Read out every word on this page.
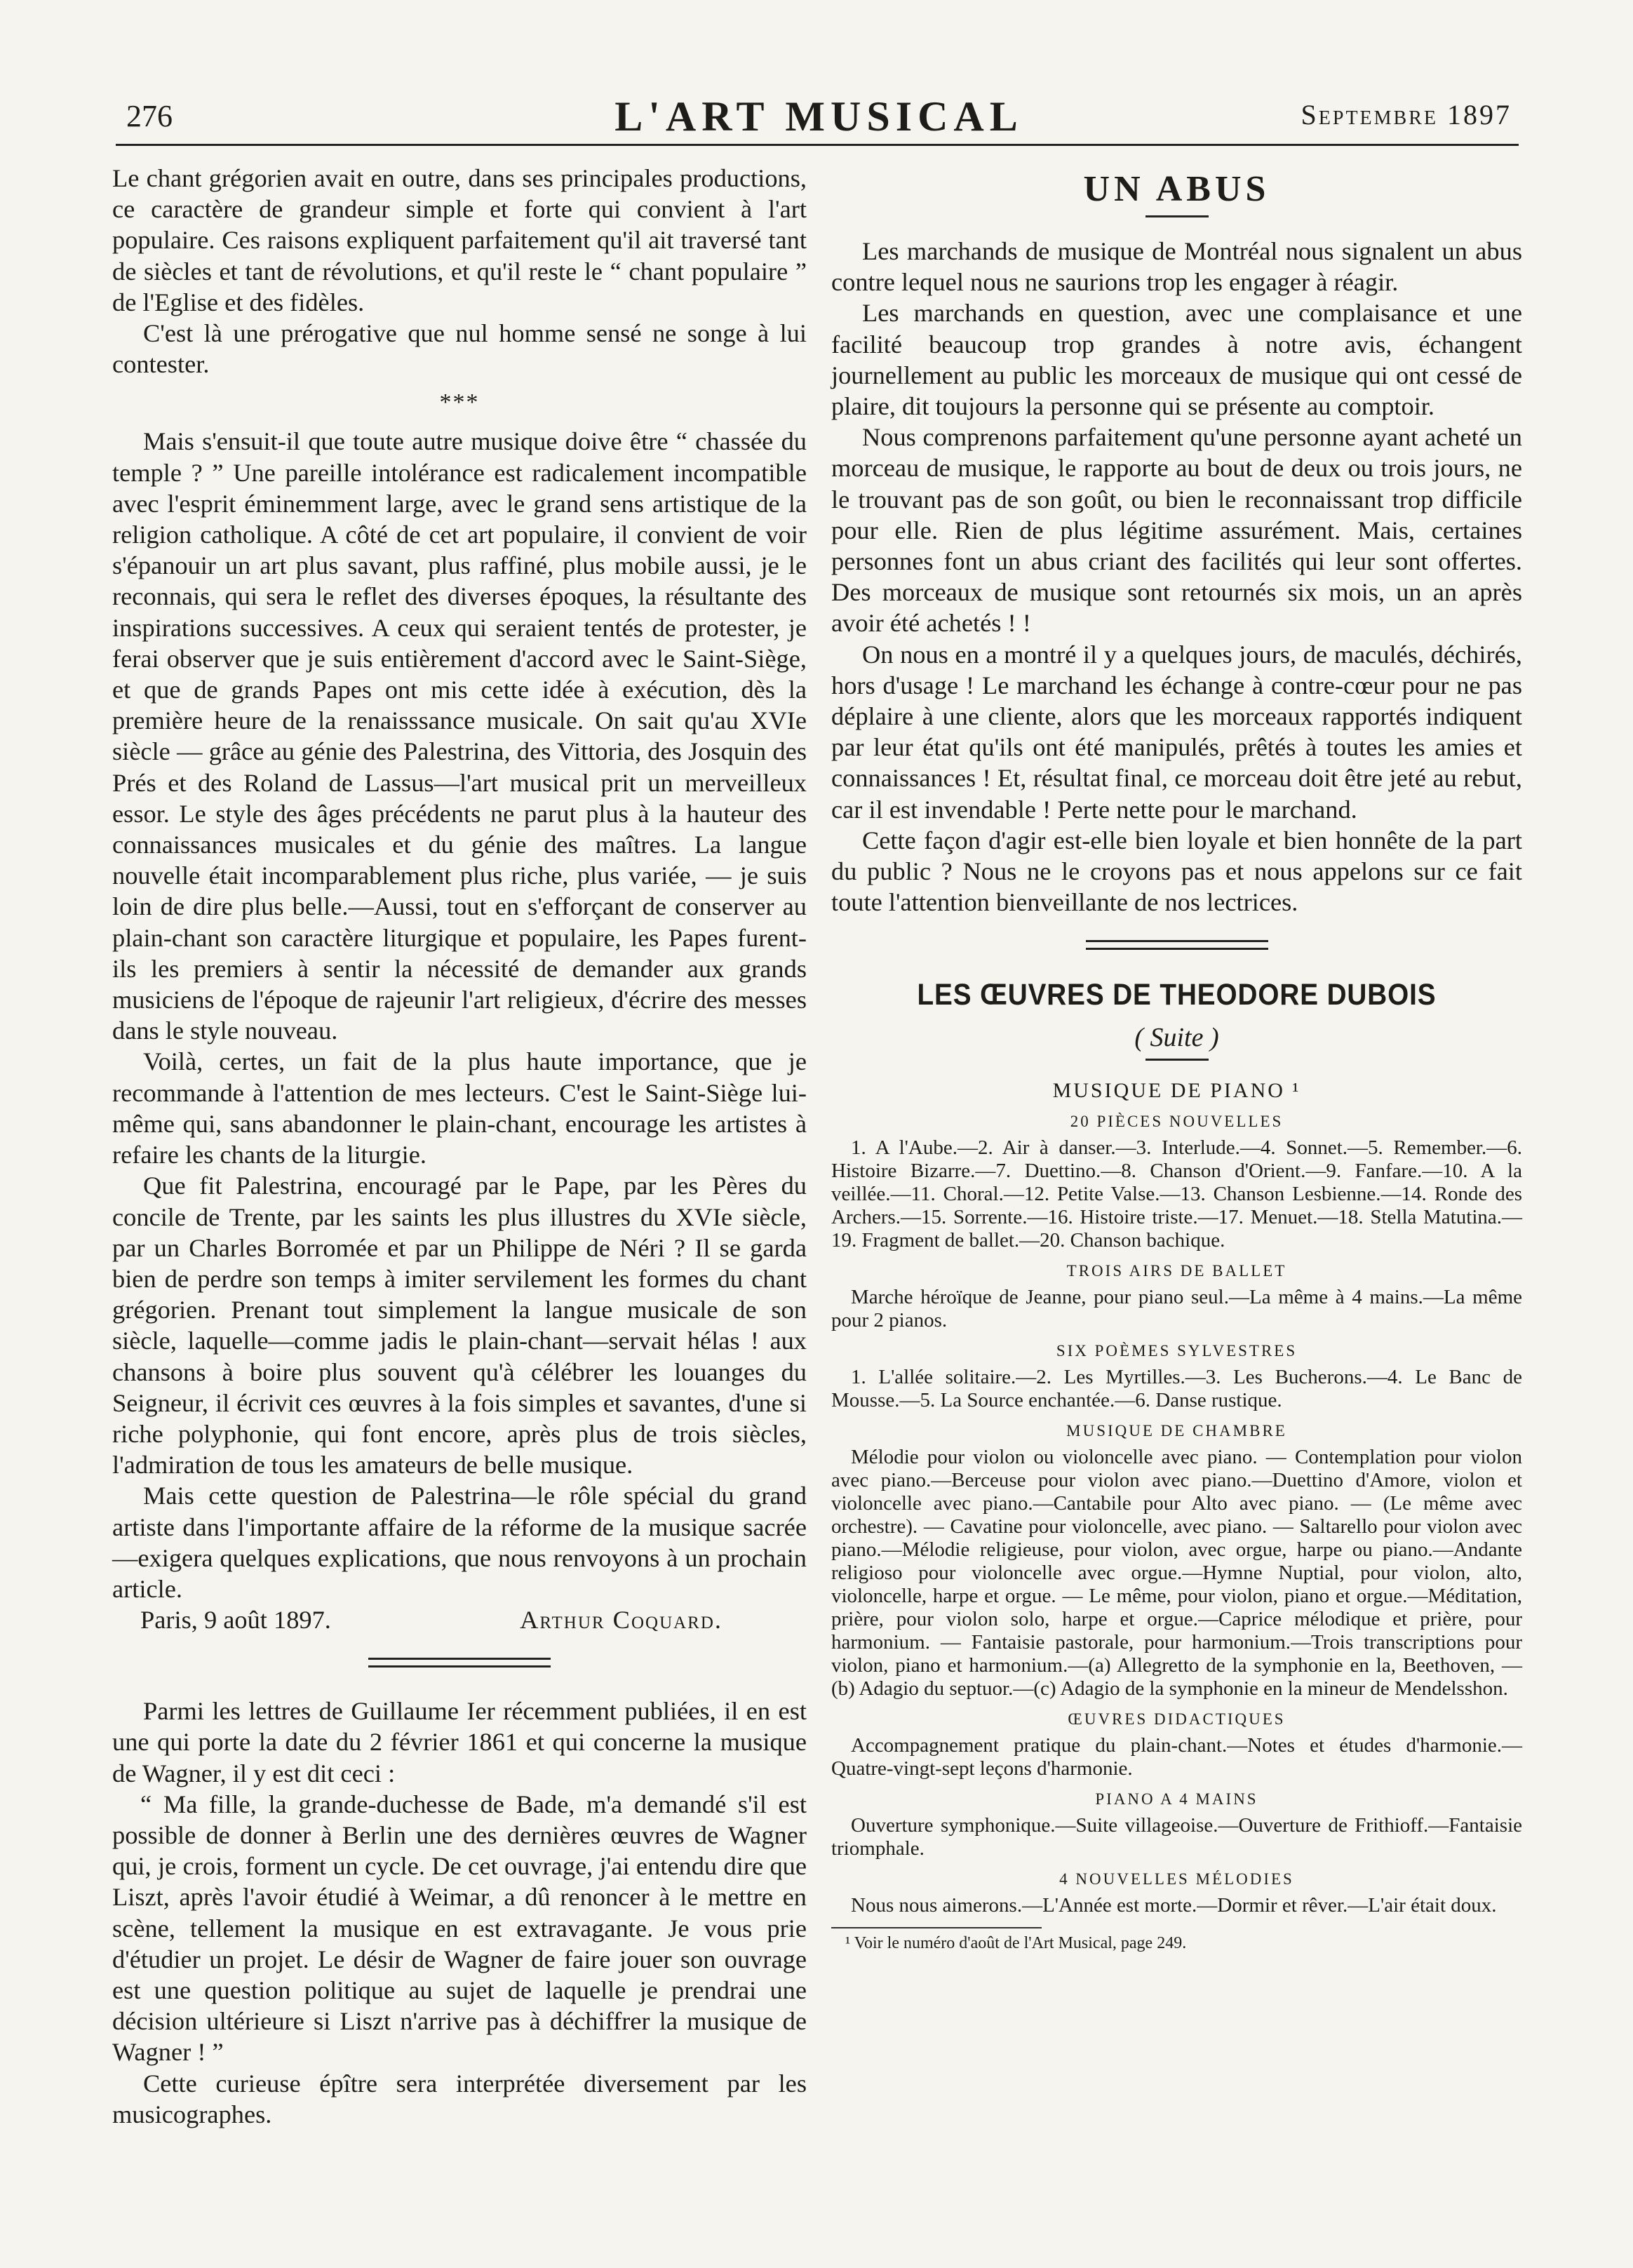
276	L'ART MUSICAL	Septembre 1897

Le chant grégorien avait en outre, dans ses principales productions, ce caractère de grandeur simple et forte qui convient à l'art populaire. Ces raisons expliquent parfaitement qu'il ait traversé tant de siècles et tant de révolutions, et qu'il reste le “ chant populaire ” de l'Eglise et des fidèles.

C'est là une prérogative que nul homme sensé ne songe à lui contester.

***

Mais s'ensuit-il que toute autre musique doive être “ chassée du temple ? ” Une pareille intolérance est radicalement incompatible avec l'esprit éminemment large, avec le grand sens artistique de la religion catholique. A côté de cet art populaire, il convient de voir s'épanouir un art plus savant, plus raffiné, plus mobile aussi, je le reconnais, qui sera le reflet des diverses époques, la résultante des inspirations successives. A ceux qui seraient tentés de protester, je ferai observer que je suis entièrement d'accord avec le Saint-Siège, et que de grands Papes ont mis cette idée à exécution, dès la première heure de la renaisssance musicale. On sait qu'au XVIe siècle — grâce au génie des Palestrina, des Vittoria, des Josquin des Prés et des Roland de Lassus—l'art musical prit un merveilleux essor. Le style des âges précédents ne parut plus à la hauteur des connaissances musicales et du génie des maîtres. La langue nouvelle était incomparablement plus riche, plus variée, — je suis loin de dire plus belle.—Aussi, tout en s'efforçant de conserver au plain-chant son caractère liturgique et populaire, les Papes furent-ils les premiers à sentir la nécessité de demander aux grands musiciens de l'époque de rajeunir l'art religieux, d'écrire des messes dans le style nouveau.

Voilà, certes, un fait de la plus haute importance, que je recommande à l'attention de mes lecteurs. C'est le Saint-Siège lui-même qui, sans abandonner le plain-chant, encourage les artistes à refaire les chants de la liturgie.

Que fit Palestrina, encouragé par le Pape, par les Pères du concile de Trente, par les saints les plus illustres du XVIe siècle, par un Charles Borromée et par un Philippe de Néri ? Il se garda bien de perdre son temps à imiter servilement les formes du chant grégorien. Prenant tout simplement la langue musicale de son siècle, laquelle—comme jadis le plain-chant—servait hélas ! aux chansons à boire plus souvent qu'à célébrer les louanges du Seigneur, il écrivit ces œuvres à la fois simples et savantes, d'une si riche polyphonie, qui font encore, après plus de trois siècles, l'admiration de tous les amateurs de belle musique.

Mais cette question de Palestrina—le rôle spécial du grand artiste dans l'importante affaire de la réforme de la musique sacrée—exigera quelques explications, que nous renvoyons à un prochain article.

Paris, 9 août 1897.	Arthur Coquard.

Parmi les lettres de Guillaume Ier récemment publiées, il en est une qui porte la date du 2 février 1861 et qui concerne la musique de Wagner, il y est dit ceci :

“ Ma fille, la grande-duchesse de Bade, m'a demandé s'il est possible de donner à Berlin une des dernières œuvres de Wagner qui, je crois, forment un cycle. De cet ouvrage, j'ai entendu dire que Liszt, après l'avoir étudié à Weimar, a dû renoncer à le mettre en scène, tellement la musique en est extravagante. Je vous prie d'étudier un projet. Le désir de Wagner de faire jouer son ouvrage est une question politique au sujet de laquelle je prendrai une décision ultérieure si Liszt n'arrive pas à déchiffrer la musique de Wagner ! ”

Cette curieuse épître sera interprétée diversement par les musicographes.

UN ABUS

Les marchands de musique de Montréal nous signalent un abus contre lequel nous ne saurions trop les engager à réagir.

Les marchands en question, avec une complaisance et une facilité beaucoup trop grandes à notre avis, échangent journellement au public les morceaux de musique qui ont cessé de plaire, dit toujours la personne qui se présente au comptoir.

Nous comprenons parfaitement qu'une personne ayant acheté un morceau de musique, le rapporte au bout de deux ou trois jours, ne le trouvant pas de son goût, ou bien le reconnaissant trop difficile pour elle. Rien de plus légitime assurément. Mais, certaines personnes font un abus criant des facilités qui leur sont offertes. Des morceaux de musique sont retournés six mois, un an après avoir été achetés ! !

On nous en a montré il y a quelques jours, de maculés, déchirés, hors d'usage ! Le marchand les échange à contre-cœur pour ne pas déplaire à une cliente, alors que les morceaux rapportés indiquent par leur état qu'ils ont été manipulés, prêtés à toutes les amies et connaissances ! Et, résultat final, ce morceau doit être jeté au rebut, car il est invendable ! Perte nette pour le marchand.

Cette façon d'agir est-elle bien loyale et bien honnête de la part du public ? Nous ne le croyons pas et nous appelons sur ce fait toute l'attention bienveillante de nos lectrices.

LES ŒUVRES DE THEODORE DUBOIS
( Suite )
MUSIQUE DE PIANO ¹
20 PIÈCES NOUVELLES

1. A l'Aube.—2. Air à danser.—3. Interlude.—4. Sonnet.—5. Remember.—6. Histoire Bizarre.—7. Duettino.—8. Chanson d'Orient.—9. Fanfare.—10. A la veillée.—11. Choral.—12. Petite Valse.—13. Chanson Lesbienne.—14. Ronde des Archers.—15. Sorrente.—16. Histoire triste.—17. Menuet.—18. Stella Matutina.—19. Fragment de ballet.—20. Chanson bachique.

TROIS AIRS DE BALLET

Marche héroïque de Jeanne, pour piano seul.—La même à 4 mains.—La même pour 2 pianos.

SIX POÈMES SYLVESTRES

1. L'allée solitaire.—2. Les Myrtilles.—3. Les Bucherons.—4. Le Banc de Mousse.—5. La Source enchantée.—6. Danse rustique.

MUSIQUE DE CHAMBRE

Mélodie pour violon ou violoncelle avec piano. — Contemplation pour violon avec piano.—Berceuse pour violon avec piano.—Duettino d'Amore, violon et violoncelle avec piano.—Cantabile pour Alto avec piano. — (Le même avec orchestre). — Cavatine pour violoncelle, avec piano. — Saltarello pour violon avec piano.—Mélodie religieuse, pour violon, avec orgue, harpe ou piano.—Andante religioso pour violoncelle avec orgue.—Hymne Nuptial, pour violon, alto, violoncelle, harpe et orgue. — Le même, pour violon, piano et orgue.—Méditation, prière, pour violon solo, harpe et orgue.—Caprice mélodique et prière, pour harmonium. — Fantaisie pastorale, pour harmonium.—Trois transcriptions pour violon, piano et harmonium.—(a) Allegretto de la symphonie en la, Beethoven, —(b) Adagio du septuor.—(c) Adagio de la symphonie en la mineur de Mendelsshon.

ŒUVRES DIDACTIQUES

Accompagnement pratique du plain-chant.—Notes et études d'harmonie.—Quatre-vingt-sept leçons d'harmonie.

PIANO A 4 MAINS

Ouverture symphonique.—Suite villageoise.—Ouverture de Frithioff.—Fantaisie triomphale.

4 NOUVELLES MÉLODIES

Nous nous aimerons.—L'Année est morte.—Dormir et rêver.—L'air était doux.

¹ Voir le numéro d'août de l'Art Musical, page 249.
